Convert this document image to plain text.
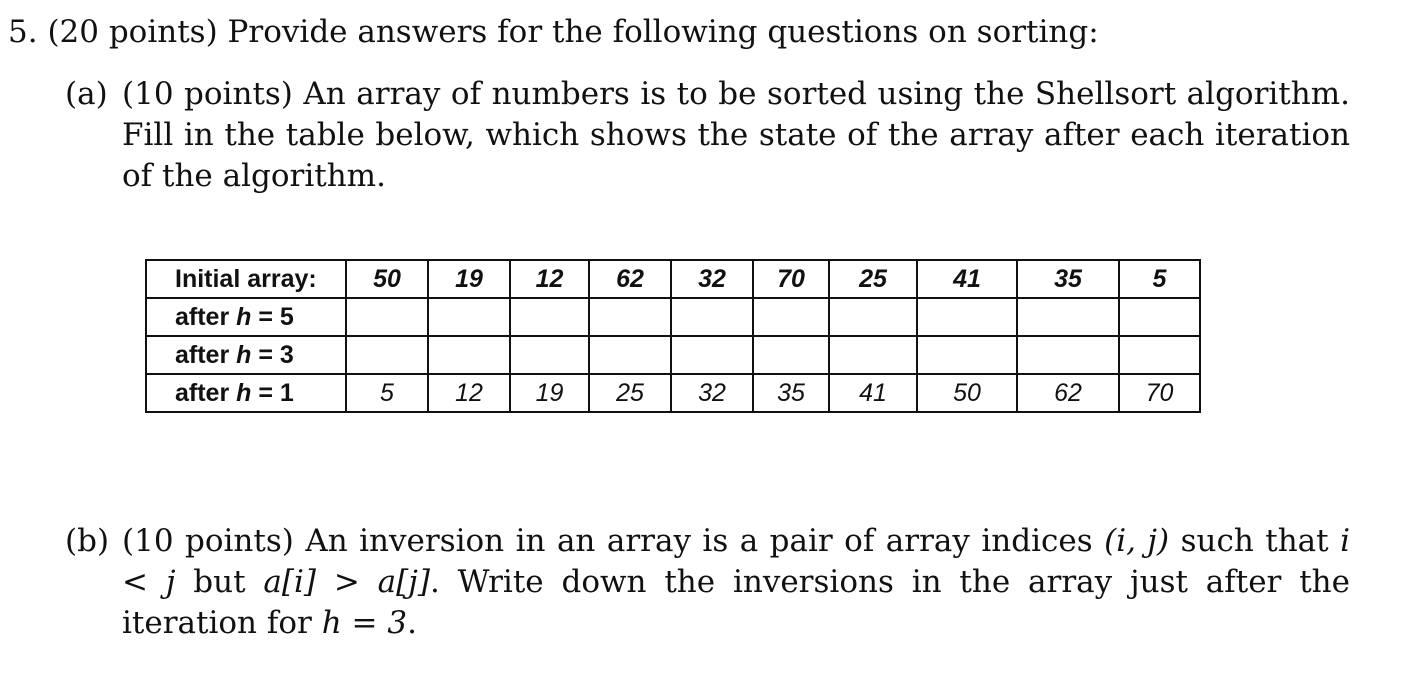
5. (20 points) Provide answers for the following questions on sorting:
(a) (10 points) An array of numbers is to be sorted using the Shellsort algorithm. Fill in the table below, which shows the state of the array after each iteration of the algorithm.
Initial array:	50	19	12	62	32	70	25	41	35	5
after h = 5										
after h = 3										
after h = 1	5	12	19	25	32	35	41	50	62	70
(b) (10 points) An inversion in an array is a pair of array indices (i, j) such that i < j but a[i] > a[j]. Write down the inversions in the array just after the iteration for h = 3.
